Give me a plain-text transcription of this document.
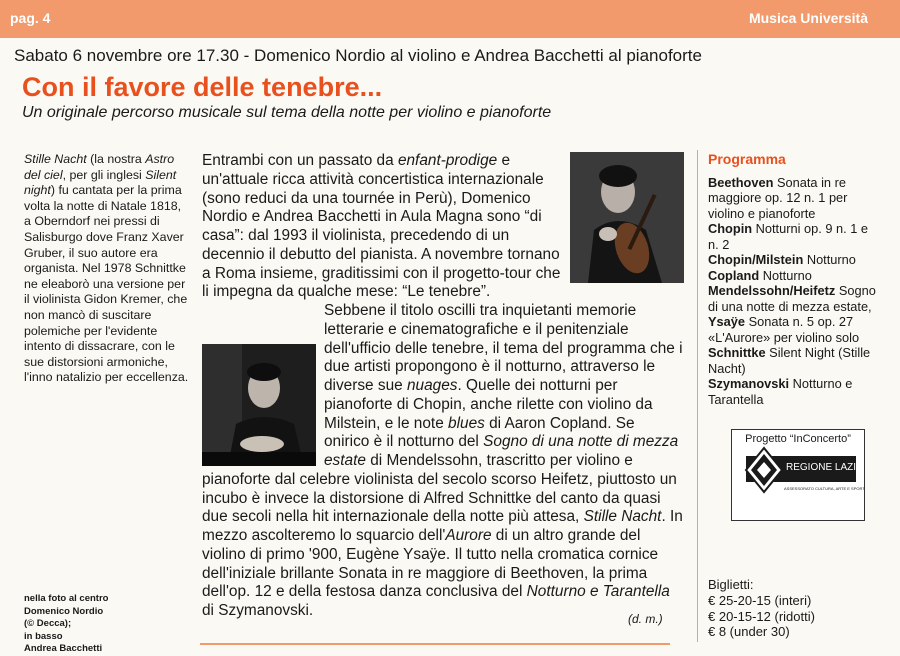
pag. 4	Musica Università
Sabato 6 novembre ore 17.30 - Domenico Nordio al violino e Andrea Bacchetti al pianoforte
Con il favore delle tenebre...
Un originale percorso musicale sul tema della notte per violino e pianoforte
Stille Nacht (la nostra Astro del ciel, per gli inglesi Silent night) fu cantata per la prima volta la notte di Natale 1818, a Oberndorf nei pressi di Salisburgo dove Franz Xaver Gruber, il suo autore era organista. Nel 1978 Schnittke ne eleaborò una versione per il violinista Gidon Kremer, che non mancò di suscitare polemiche per l'evidente intento di dissacrare, con le sue distorsioni armoniche, l'inno natalizio per eccellenza.
nella foto al centro
Domenico Nordio
(© Decca);
in basso
Andrea Bacchetti

Entrambi con un passato da enfant-prodige e un'attuale ricca attività concertistica internazionale (sono reduci da una tournée in Perù), Domenico Nordio e Andrea Bacchetti in Aula Magna sono “di casa”: dal 1993 il violinista, precedendo di un decennio il debutto del pianista. A novembre tornano a Roma insieme, graditissimi con il progetto-tour che li impegna da qualche mese: “Le tenebre”.

Sebbene il titolo oscilli tra inquietanti memorie letterarie e cinematografiche e il penitenziale dell'ufficio delle tenebre, il tema del programma che i due artisti propongono è il notturno, attraverso le diverse sue nuages. Quelle dei notturni per pianoforte di Chopin, anche rilette con violino da Milstein, e le note blues di Aaron Copland. Se onirico è il notturno del Sogno di una notte di mezza estate di Mendelssohn, trascritto per violino e pianoforte dal celebre violinista del secolo scorso Heifetz, piuttosto un incubo è invece la distorsione di Alfred Schnittke del canto da quasi due secoli nella hit internazionale della notte più attesa, Stille Nacht. In mezzo ascolteremo lo squarcio dell'Aurore di un altro grande del violino di primo '900, Eugène Ysaÿe. Il tutto nella cromatica cornice dell'iniziale brillante Sonata in re maggiore di Beethoven, la prima dell'op. 12 e della festosa danza conclusiva del Notturno e Tarantella di Szymanovski.	(d. m.)
Programma
Beethoven Sonata in re maggiore op. 12 n. 1 per violino e pianoforte
Chopin Notturni op. 9 n. 1 e n. 2
Chopin/Milstein Notturno
Copland Notturno
Mendelssohn/Heifetz Sogno di una notte di mezza estate,
Ysaÿe Sonata n. 5 op. 27 «L'Aurore» per violino solo
Schnittke Silent Night (Stille Nacht)
Szymanovski Notturno e Tarantella
Progetto “InConcerto”
REGIONE LAZIO
ASSESSORATO CULTURA, ARTE E SPORT
Biglietti:
€ 25-20-15 (interi)
€ 20-15-12 (ridotti)
€ 8 (under 30)
